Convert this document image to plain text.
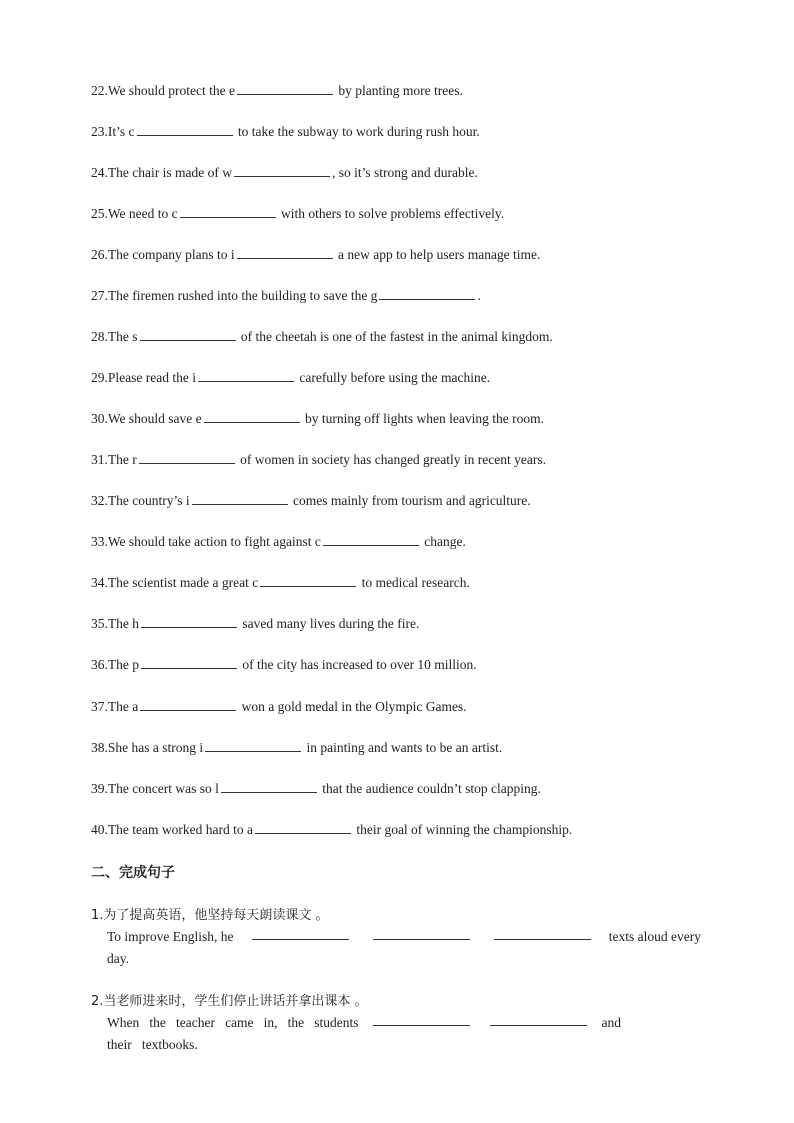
22.We should protect the e	by planting more trees.
23.It’s c	to take the subway to work during rush hour.
24.The chair is made of w	, so it’s strong and durable.
25.We need to c	with others to solve problems effectively.
26.The company plans to i	a new app to help users manage time.
27.The firemen rushed into the building to save the g	.
28.The s	of the cheetah is one of the fastest in the animal kingdom.
29.Please read the i	carefully before using the machine.
30.We should save e	by turning off lights when leaving the room.
31.The r	of women in society has changed greatly in recent years.
32.The country’s i	comes mainly from tourism and agriculture.
33.We should take action to fight against c	change.
34.The scientist made a great c	to medical research.
35.The h	saved many lives during the fire.
36.The p	of the city has increased to over 10 million.
37.The a	won a gold medal in the Olympic Games.
38.She has a strong i	in painting and wants to be an artist.
39.The concert was so l	that the audience couldn’t stop clapping.
40.The team worked hard to a	their goal of winning the championship.
二、完成句子
1.为了提高英语，他坚持每天朗读课文 。
To improve English, he	texts aloud every
day.
2.当老师进来时，学生们停止讲话并拿出课本 。
When   the   teacher   came   in,   the   students	and
their   textbooks.
